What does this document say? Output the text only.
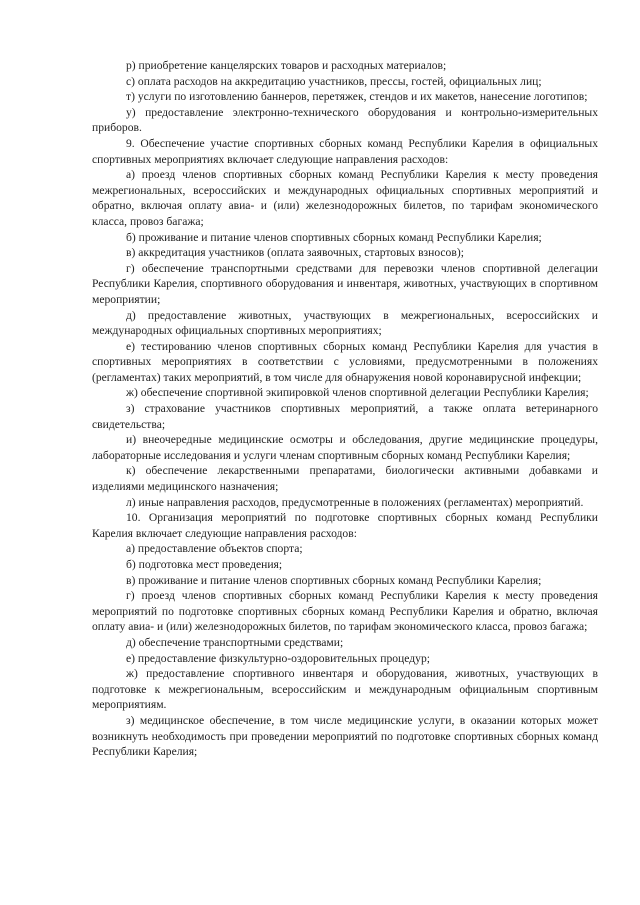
р) приобретение канцелярских товаров и расходных материалов;

с) оплата расходов на аккредитацию участников, прессы, гостей, официальных лиц;

т) услуги по изготовлению баннеров, перетяжек, стендов и их макетов, нанесение логотипов;

у) предоставление электронно-технического оборудования и контрольно-измерительных приборов.

9. Обеспечение участие спортивных сборных команд Республики Карелия в официальных спортивных мероприятиях включает следующие направления расходов:

а) проезд членов спортивных сборных команд Республики Карелия к месту проведения межрегиональных, всероссийских и международных официальных спортивных мероприятий и обратно, включая оплату авиа- и (или) железнодорожных билетов, по тарифам экономического класса, провоз багажа;

б) проживание и питание членов спортивных сборных команд Республики Карелия;

в) аккредитация участников (оплата заявочных, стартовых взносов);

г) обеспечение транспортными средствами для перевозки членов спортивной делегации Республики Карелия, спортивного оборудования и инвентаря, животных, участвующих в спортивном мероприятии;

д) предоставление животных, участвующих в межрегиональных, всероссийских и международных официальных спортивных мероприятиях;

е) тестированию членов спортивных сборных команд Республики Карелия для участия в спортивных мероприятиях в соответствии с условиями, предусмотренными в положениях (регламентах) таких мероприятий, в том числе для обнаружения новой коронавирусной инфекции;

ж) обеспечение спортивной экипировкой членов спортивной делегации Республики Карелия;

з) страхование участников спортивных мероприятий, а также оплата ветеринарного свидетельства;

и) внеочередные медицинские осмотры и обследования, другие медицинские процедуры, лабораторные исследования и услуги членам спортивным сборных команд Республики Карелия;

к) обеспечение лекарственными препаратами, биологически активными добавками и изделиями медицинского назначения;

л) иные направления расходов, предусмотренные в положениях (регламентах) мероприятий.

10. Организация мероприятий по подготовке спортивных сборных команд Республики Карелия включает следующие направления расходов:

а) предоставление объектов спорта;

б) подготовка мест проведения;

в) проживание и питание членов спортивных сборных команд Республики Карелия;

г) проезд членов спортивных сборных команд Республики Карелия к месту проведения мероприятий по подготовке спортивных сборных команд Республики Карелия и обратно, включая оплату авиа- и (или) железнодорожных билетов, по тарифам экономического класса, провоз багажа;

д) обеспечение транспортными средствами;

е) предоставление физкультурно-оздоровительных процедур;

ж) предоставление спортивного инвентаря и оборудования, животных, участвующих в подготовке к межрегиональным, всероссийским и международным официальным спортивным мероприятиям.

з) медицинское обеспечение, в том числе медицинские услуги, в оказании которых может возникнуть необходимость при проведении мероприятий по подготовке спортивных сборных команд Республики Карелия;
